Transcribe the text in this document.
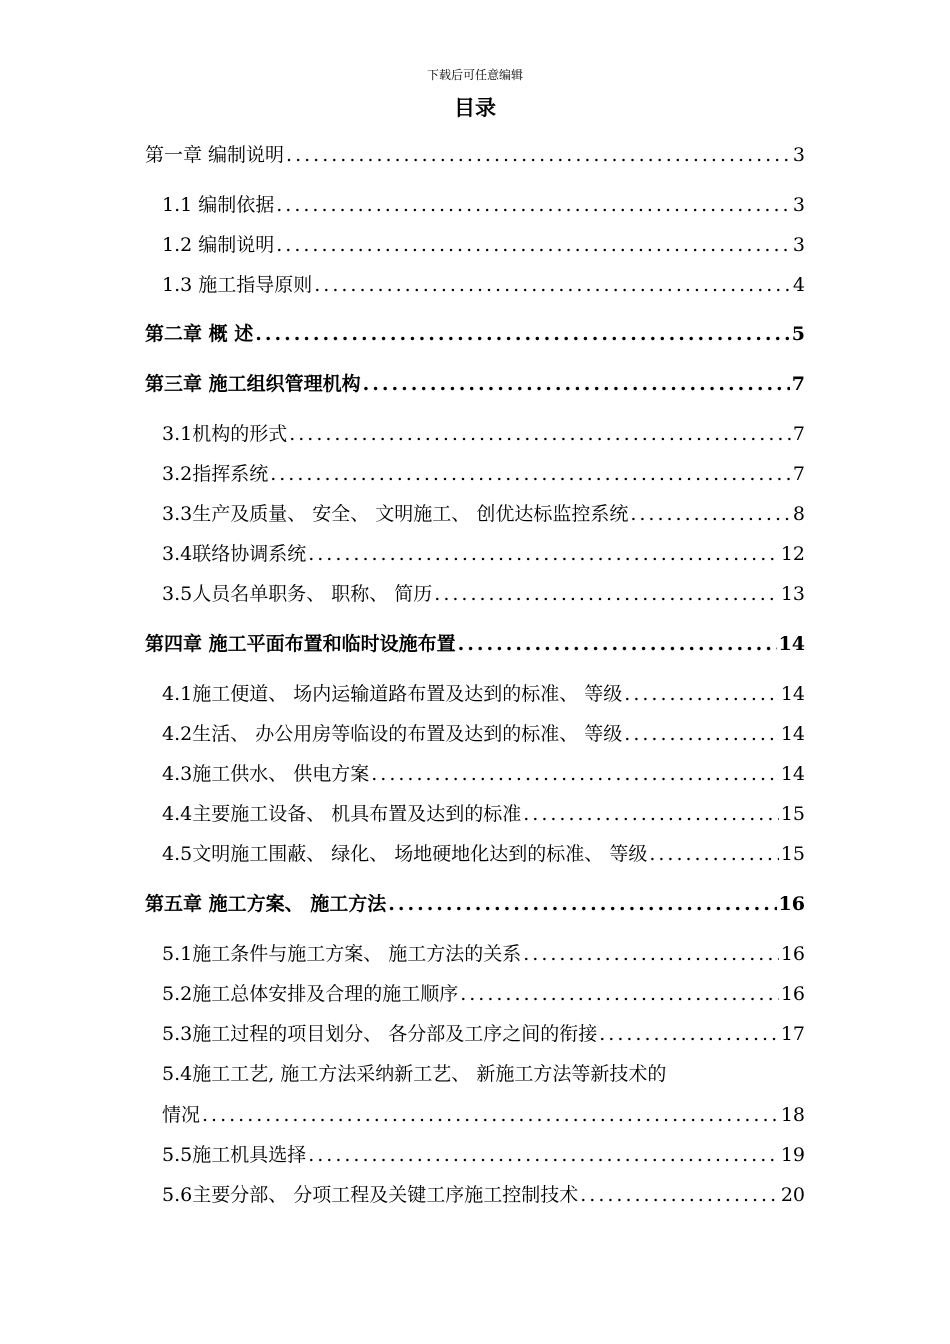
下载后可任意编辑
目录
第一章 编制说明 .....	3
1.1 编制依据 .....	3
1.2 编制说明 .....	3
1.3 施工指导原则 .....	4
第二章 概 述 .....	5
第三章 施工组织管理机构 .....	7
3.1机构的形式 .....	7
3.2指挥系统 .....	7
3.3生产及质量、 安全、 文明施工、 创优达标监控系统 .....	8
3.4联络协调系统 .....	12
3.5人员名单职务、 职称、 简历 .....	13
第四章 施工平面布置和临时设施布置 .....	14
4.1施工便道、 场内运输道路布置及达到的标准、 等级 .....	14
4.2生活、 办公用房等临设的布置及达到的标准、 等级 .....	14
4.3施工供水、 供电方案 .....	14
4.4主要施工设备、 机具布置及达到的标准 .....	15
4.5文明施工围蔽、 绿化、 场地硬地化达到的标准、 等级 .....	15
第五章 施工方案、 施工方法 .....	16
5.1施工条件与施工方案、 施工方法的关系 .....	16
5.2施工总体安排及合理的施工顺序 .....	16
5.3施工过程的项目划分、 各分部及工序之间的衔接 .....	17
5.4施工工艺, 施工方法采纳新工艺、 新施工方法等新技术的
情况 .....	18
5.5施工机具选择 .....	19
5.6主要分部、 分项工程及关键工序施工控制技术 .....	20
